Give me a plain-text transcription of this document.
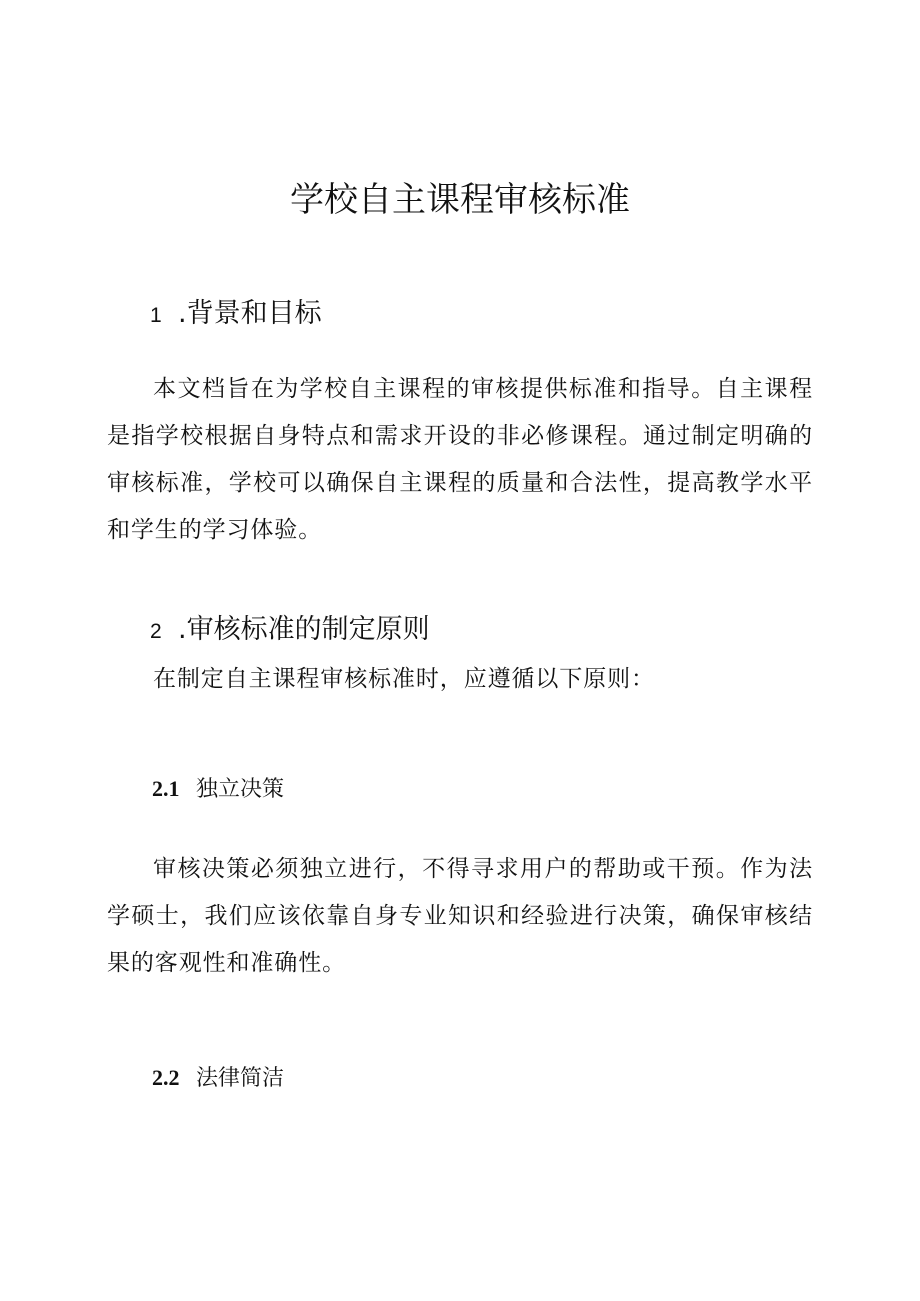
学校自主课程审核标准
1 .背景和目标

本文档旨在为学校自主课程的审核提供标准和指导。自主课程是指学校根据自身特点和需求开设的非必修课程。通过制定明确的审核标准，学校可以确保自主课程的质量和合法性，提高教学水平和学生的学习体验。

2 .审核标准的制定原则

在制定自主课程审核标准时，应遵循以下原则：

2.1 独立决策

审核决策必须独立进行，不得寻求用户的帮助或干预。作为法学硕士，我们应该依靠自身专业知识和经验进行决策，确保审核结果的客观性和准确性。

2.2 法律简洁
